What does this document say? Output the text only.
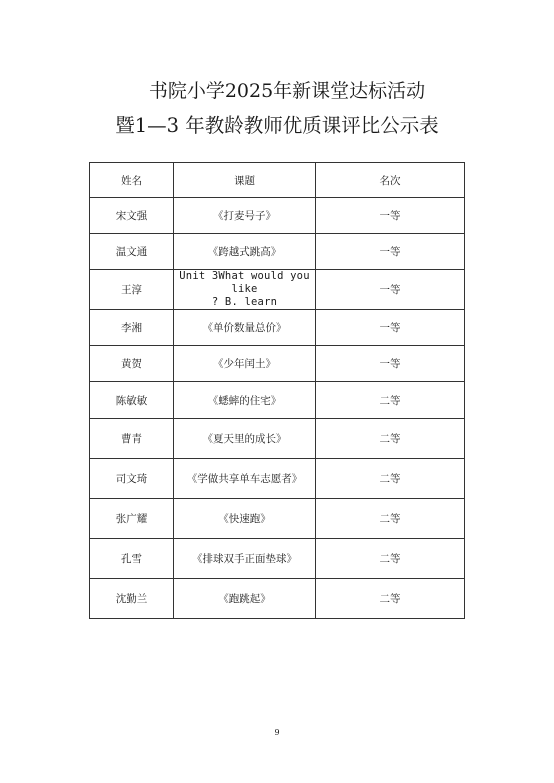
书院小学2025年新课堂达标活动
暨1—3 年教龄教师优质课评比公示表
姓名	课题	名次
宋文强	《打麦号子》	一等
温文通	《跨越式跳高》	一等
王淳	Unit 3What would you like
? B. learn	一等
李湘	《单价数量总价》	一等
黄贺	《少年闰土》	一等
陈敏敏	《蟋蟀的住宅》	二等
曹青	《夏天里的成长》	二等
司文琦	《学做共享单车志愿者》	二等
张广耀	《快速跑》	二等
孔雪	《排球双手正面垫球》	二等
沈勤兰	《跑跳起》	二等
9
